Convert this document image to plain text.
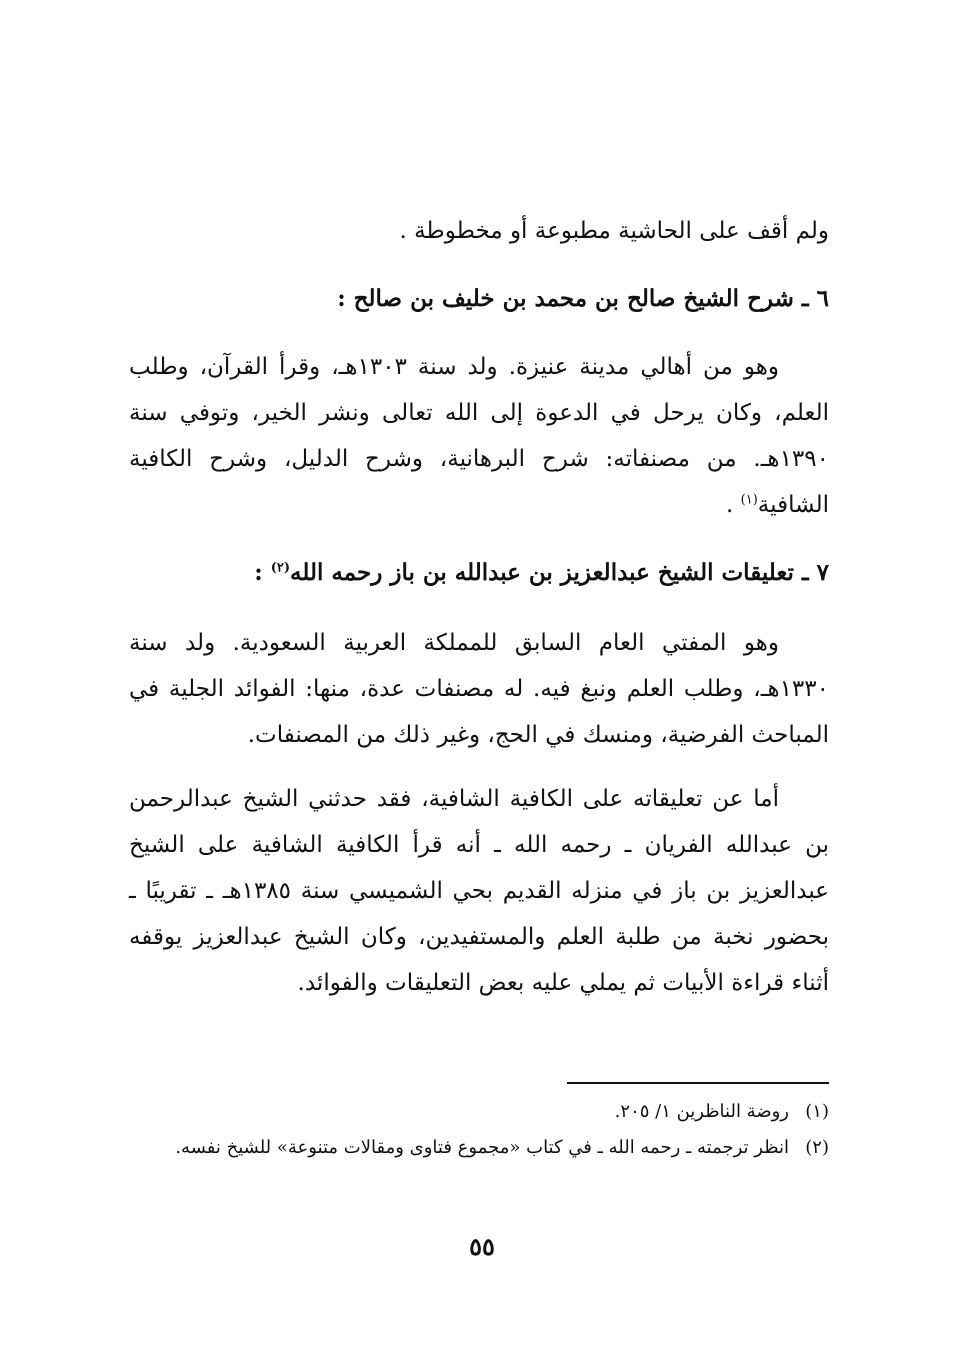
ولم أقف على الحاشية مطبوعة أو مخطوطة .
٦ ـ شرح الشيخ صالح بن محمد بن خليف بن صالح :
وهو من أهالي مدينة عنيزة. ولد سنة ١٣٠٣هـ، وقرأ القرآن، وطلب العلم، وكان يرحل في الدعوة إلى الله تعالى ونشر الخير، وتوفي سنة ١٣٩٠هـ. من مصنفاته: شرح البرهانية، وشرح الدليل، وشرح الكافية الشافية$^{(١)}$ .
٧ ـ تعليقات الشيخ عبدالعزيز بن عبدالله بن باز رحمه الله$^{(٢)}$ :
وهو المفتي العام السابق للمملكة العربية السعودية. ولد سنة ١٣٣٠هـ، وطلب العلم ونبغ فيه. له مصنفات عدة، منها: الفوائد الجلية في المباحث الفرضية، ومنسك في الحج، وغير ذلك من المصنفات.
أما عن تعليقاته على الكافية الشافية، فقد حدثني الشيخ عبدالرحمن بن عبدالله الفريان ـ رحمه الله ـ أنه قرأ الكافية الشافية على الشيخ عبدالعزيز بن باز في منزله القديم بحي الشميسي سنة ١٣٨٥هـ ـ تقريبًا ـ بحضور نخبة من طلبة العلم والمستفيدين، وكان الشيخ عبدالعزيز يوقفه أثناء قراءة الأبيات ثم يملي عليه بعض التعليقات والفوائد.
(١)
روضة الناظرين ١/ ٢٠٥.
(٢)
انظر ترجمته ـ رحمه الله ـ في كتاب «مجموع فتاوى ومقالات متنوعة» للشيخ نفسه.
٥٥
